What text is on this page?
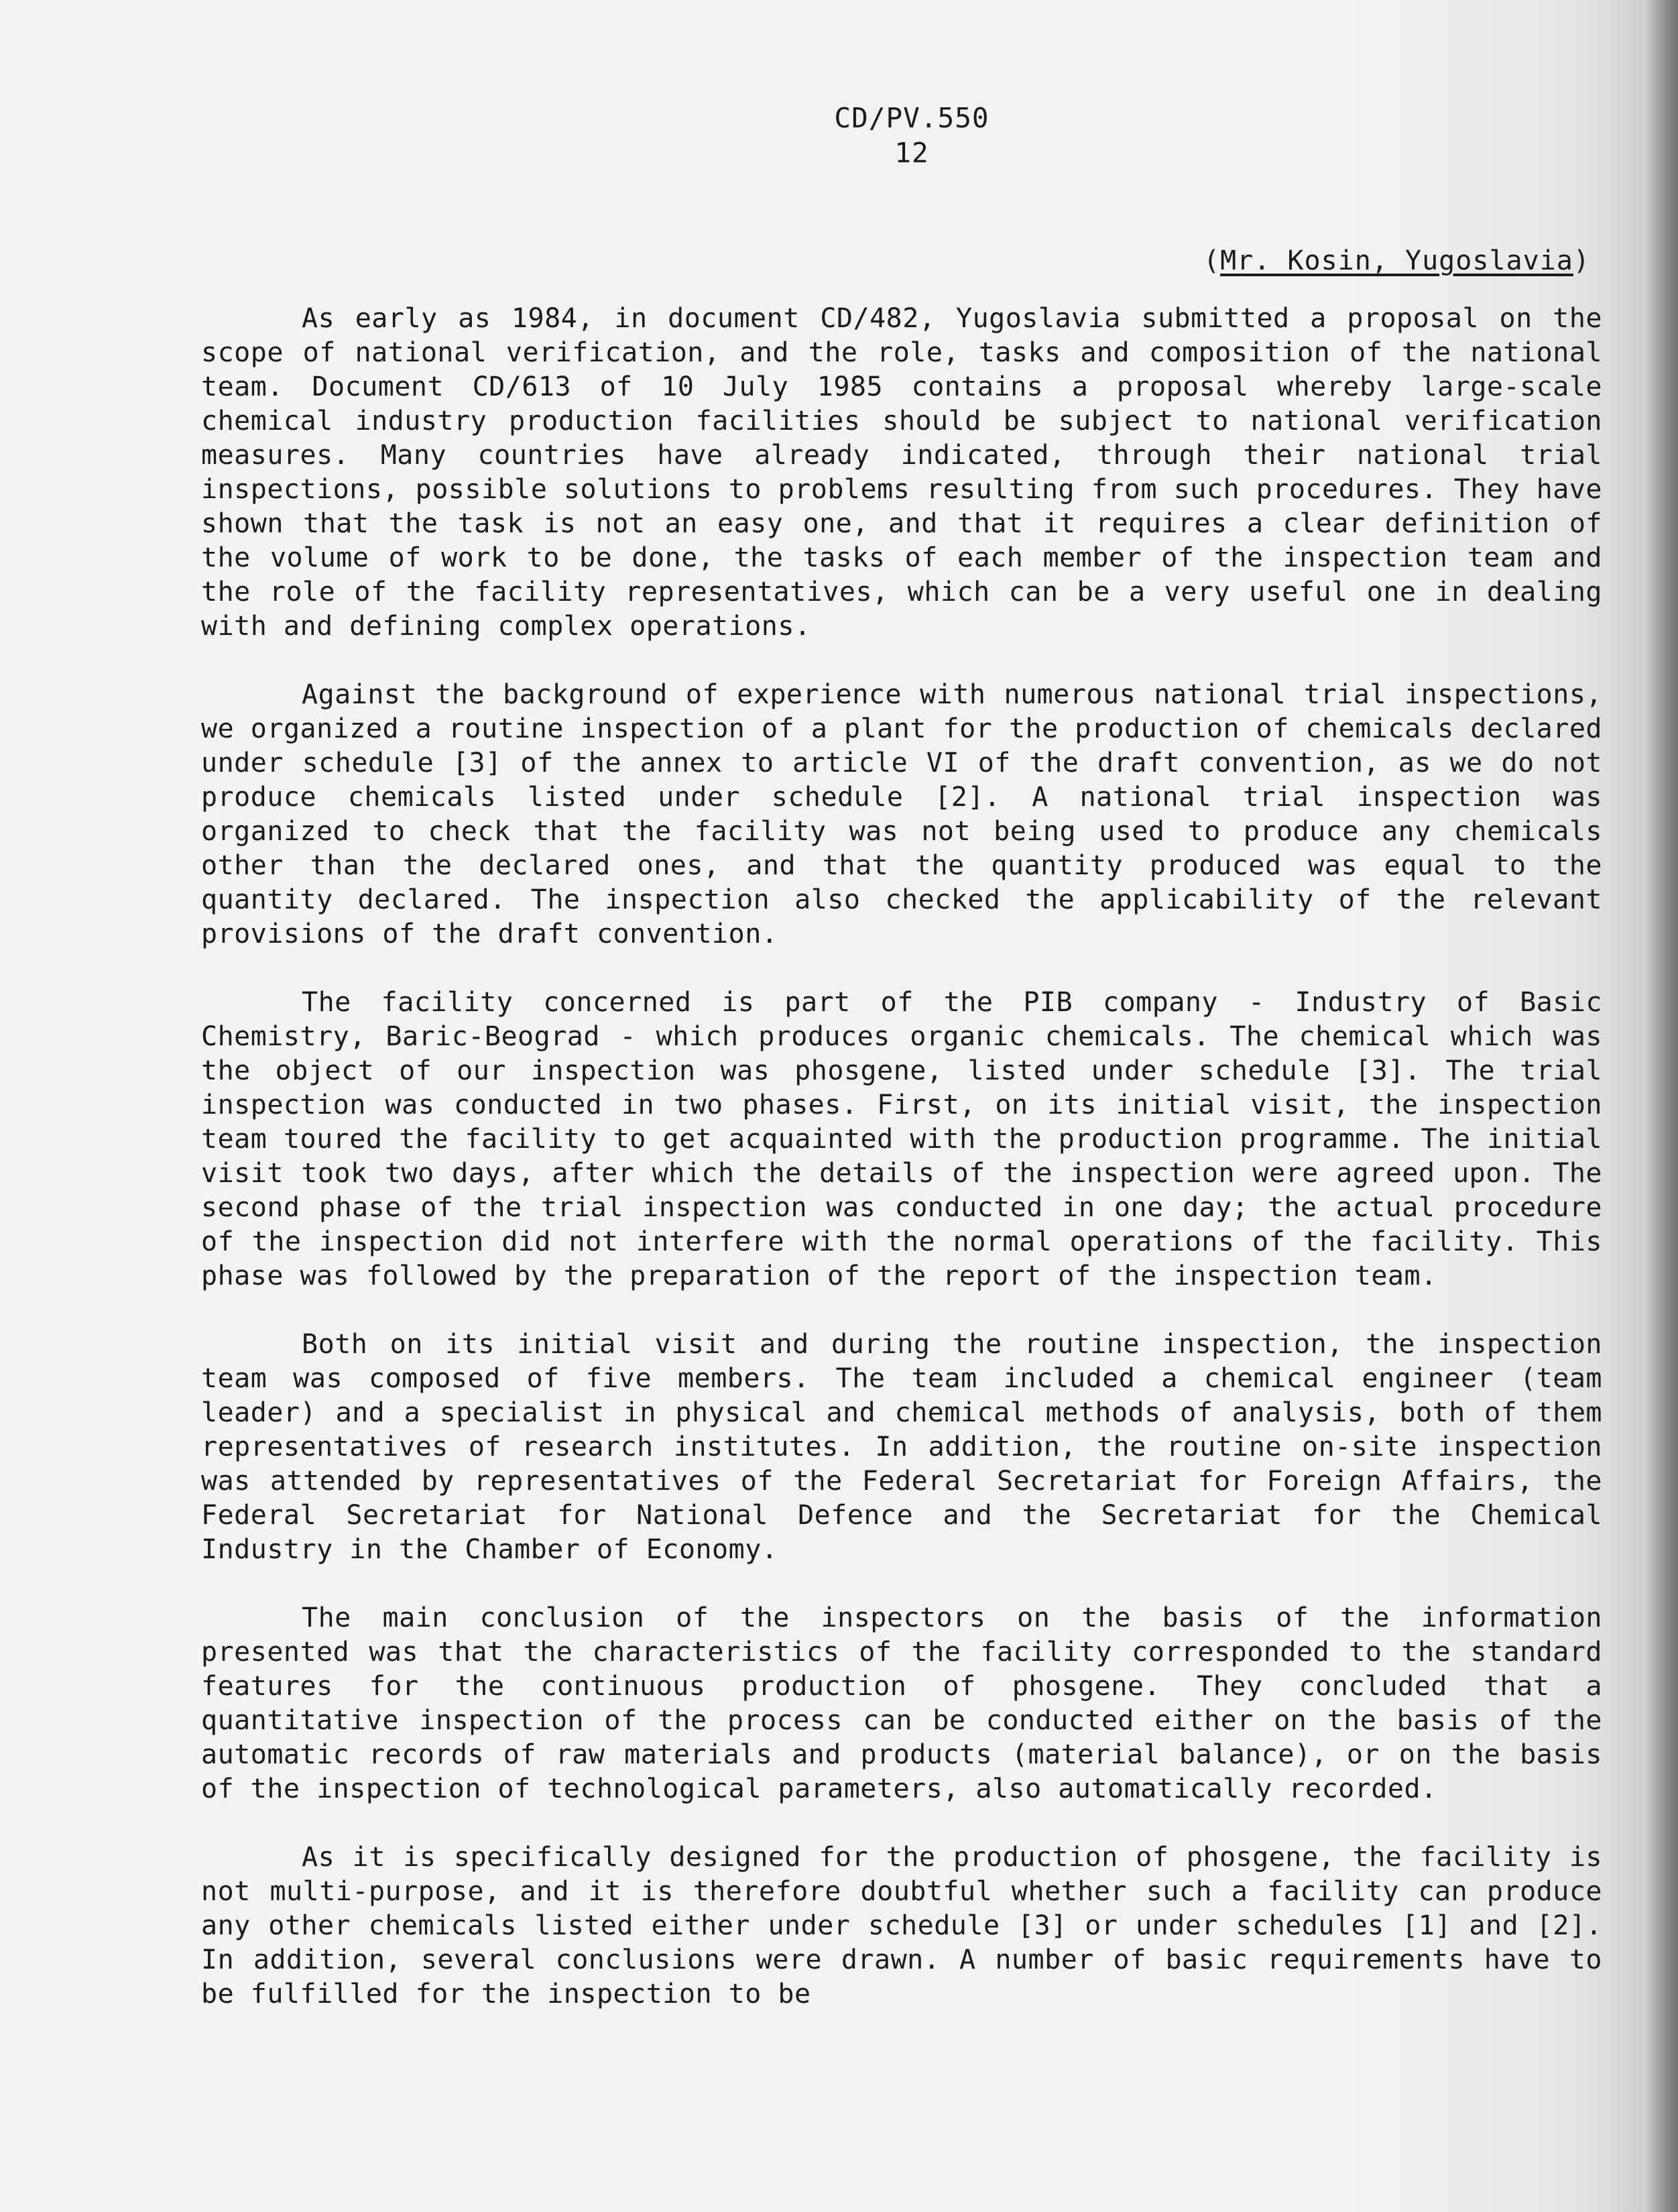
CD/PV.550
12
(Mr. Kosin, Yugoslavia)

As early as 1984, in document CD/482, Yugoslavia submitted a proposal on the scope of national verification, and the role, tasks and composition of the national team. Document CD/613 of 10 July 1985 contains a proposal whereby large-scale chemical industry production facilities should be subject to national verification measures. Many countries have already indicated, through their national trial inspections, possible solutions to problems resulting from such procedures. They have shown that the task is not an easy one, and that it requires a clear definition of the volume of work to be done, the tasks of each member of the inspection team and the role of the facility representatives, which can be a very useful one in dealing with and defining complex operations.

Against the background of experience with numerous national trial inspections, we organized a routine inspection of a plant for the production of chemicals declared under schedule [3] of the annex to article VI of the draft convention, as we do not produce chemicals listed under schedule [2]. A national trial inspection was organized to check that the facility was not being used to produce any chemicals other than the declared ones, and that the quantity produced was equal to the quantity declared. The inspection also checked the applicability of the relevant provisions of the draft convention.

The facility concerned is part of the PIB company - Industry of Basic Chemistry, Baric-Beograd - which produces organic chemicals. The chemical which was the object of our inspection was phosgene, listed under schedule [3]. The trial inspection was conducted in two phases. First, on its initial visit, the inspection team toured the facility to get acquainted with the production programme. The initial visit took two days, after which the details of the inspection were agreed upon. The second phase of the trial inspection was conducted in one day; the actual procedure of the inspection did not interfere with the normal operations of the facility. This phase was followed by the preparation of the report of the inspection team.

Both on its initial visit and during the routine inspection, the inspection team was composed of five members. The team included a chemical engineer (team leader) and a specialist in physical and chemical methods of analysis, both of them representatives of research institutes. In addition, the routine on-site inspection was attended by representatives of the Federal Secretariat for Foreign Affairs, the Federal Secretariat for National Defence and the Secretariat for the Chemical Industry in the Chamber of Economy.

The main conclusion of the inspectors on the basis of the information presented was that the characteristics of the facility corresponded to the standard features for the continuous production of phosgene. They concluded that a quantitative inspection of the process can be conducted either on the basis of the automatic records of raw materials and products (material balance), or on the basis of the inspection of technological parameters, also automatically recorded.

As it is specifically designed for the production of phosgene, the facility is not multi-purpose, and it is therefore doubtful whether such a facility can produce any other chemicals listed either under schedule [3] or under schedules [1] and [2]. In addition, several conclusions were drawn. A number of basic requirements have to be fulfilled for the inspection to be
